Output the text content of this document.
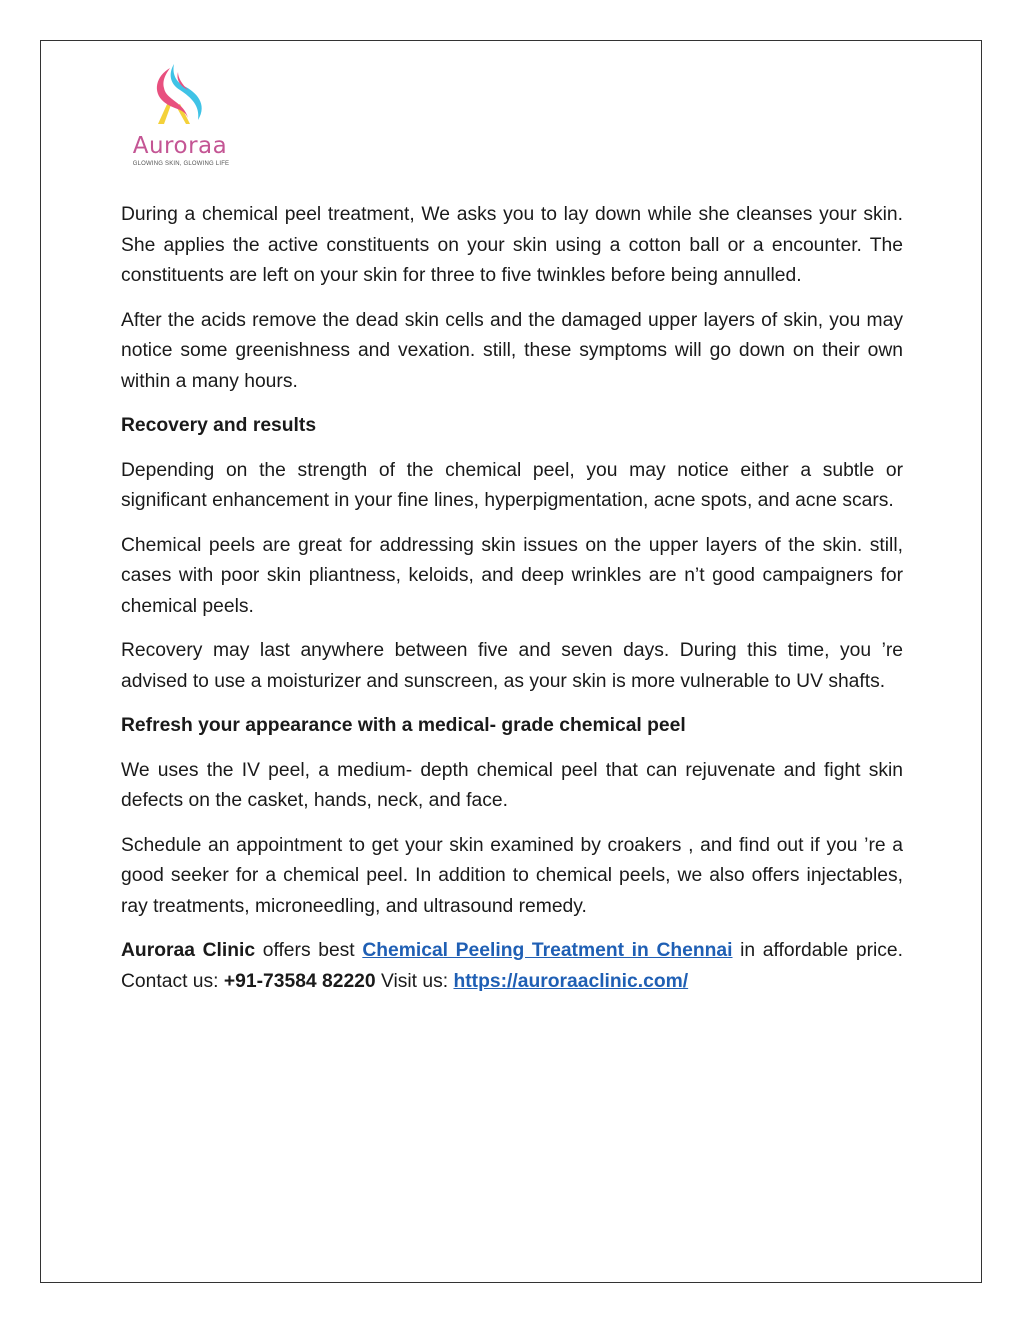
Auroraa
GLOWING SKIN, GLOWING LIFE

During a chemical peel treatment, We asks you to lay down while she cleanses your skin. She applies the active constituents on your skin using a cotton ball or a encounter. The constituents are left on your skin for three to five twinkles before being annulled.

After the acids remove the dead skin cells and the damaged upper layers of skin, you may notice some greenishness and vexation. still, these symptoms will go down on their own within a many hours.

Recovery and results

Depending on the strength of the chemical peel, you may notice either a subtle or significant enhancement in your fine lines, hyperpigmentation, acne spots, and acne scars.

Chemical peels are great for addressing skin issues on the upper layers of the skin. still, cases with poor skin pliantness, keloids, and deep wrinkles are n’t good campaigners for chemical peels.

Recovery may last anywhere between five and seven days. During this time, you ’re advised to use a moisturizer and sunscreen, as your skin is more vulnerable to UV shafts.

Refresh your appearance with a medical- grade chemical peel

We uses the IV peel, a medium- depth chemical peel that can rejuvenate and fight skin defects on the casket, hands, neck, and face.

Schedule an appointment to get your skin examined by croakers , and find out if you ’re a good seeker for a chemical peel. In addition to chemical peels, we also offers injectables, ray treatments, microneedling, and ultrasound remedy.

Auroraa Clinic offers best Chemical Peeling Treatment in Chennai in affordable price. Contact us: +91-73584 82220 Visit us: https://auroraaclinic.com/
